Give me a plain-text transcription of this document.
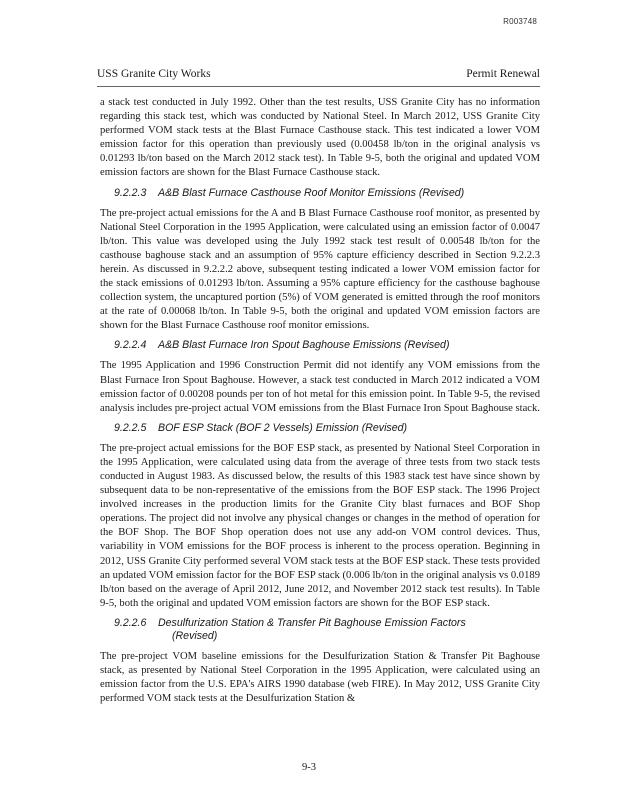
R003748
USS Granite City Works	Permit Renewal

a stack test conducted in July 1992. Other than the test results, USS Granite City has no information regarding this stack test, which was conducted by National Steel. In March 2012, USS Granite City performed VOM stack tests at the Blast Furnace Casthouse stack. This test indicated a lower VOM emission factor for this operation than previously used (0.00458 lb/ton in the original analysis vs 0.01293 lb/ton based on the March 2012 stack test). In Table 9-5, both the original and updated VOM emission factors are shown for the Blast Furnace Casthouse stack.

9.2.2.3 A&B Blast Furnace Casthouse Roof Monitor Emissions (Revised)

The pre-project actual emissions for the A and B Blast Furnace Casthouse roof monitor, as presented by National Steel Corporation in the 1995 Application, were calculated using an emission factor of 0.0047 lb/ton. This value was developed using the July 1992 stack test result of 0.00548 lb/ton for the casthouse baghouse stack and an assumption of 95% capture efficiency described in Section 9.2.2.3 herein. As discussed in 9.2.2.2 above, subsequent testing indicated a lower VOM emission factor for the stack emissions of 0.01293 lb/ton. Assuming a 95% capture efficiency for the casthouse baghouse collection system, the uncaptured portion (5%) of VOM generated is emitted through the roof monitors at the rate of 0.00068 lb/ton. In Table 9-5, both the original and updated VOM emission factors are shown for the Blast Furnace Casthouse roof monitor emissions.

9.2.2.4 A&B Blast Furnace Iron Spout Baghouse Emissions (Revised)

The 1995 Application and 1996 Construction Permit did not identify any VOM emissions from the Blast Furnace Iron Spout Baghouse. However, a stack test conducted in March 2012 indicated a VOM emission factor of 0.00208 pounds per ton of hot metal for this emission point. In Table 9-5, the revised analysis includes pre-project actual VOM emissions from the Blast Furnace Iron Spout Baghouse stack.

9.2.2.5 BOF ESP Stack (BOF 2 Vessels) Emission (Revised)

The pre-project actual emissions for the BOF ESP stack, as presented by National Steel Corporation in the 1995 Application, were calculated using data from the average of three tests from two stack tests conducted in August 1983. As discussed below, the results of this 1983 stack test have since shown by subsequent data to be non-representative of the emissions from the BOF ESP stack. The 1996 Project involved increases in the production limits for the Granite City blast furnaces and BOF Shop operations. The project did not involve any physical changes or changes in the method of operation for the BOF Shop. The BOF Shop operation does not use any add-on VOM control devices. Thus, variability in VOM emissions for the BOF process is inherent to the process operation. Beginning in 2012, USS Granite City performed several VOM stack tests at the BOF ESP stack. These tests provided an updated VOM emission factor for the BOF ESP stack (0.006 lb/ton in the original analysis vs 0.0189 lb/ton based on the average of April 2012, June 2012, and November 2012 stack test results). In Table 9-5, both the original and updated VOM emission factors are shown for the BOF ESP stack.

9.2.2.6 Desulfurization Station & Transfer Pit Baghouse Emission Factors
(Revised)

The pre-project VOM baseline emissions for the Desulfurization Station & Transfer Pit Baghouse stack, as presented by National Steel Corporation in the 1995 Application, were calculated using an emission factor from the U.S. EPA's AIRS 1990 database (web FIRE). In May 2012, USS Granite City performed VOM stack tests at the Desulfurization Station &

9-3
